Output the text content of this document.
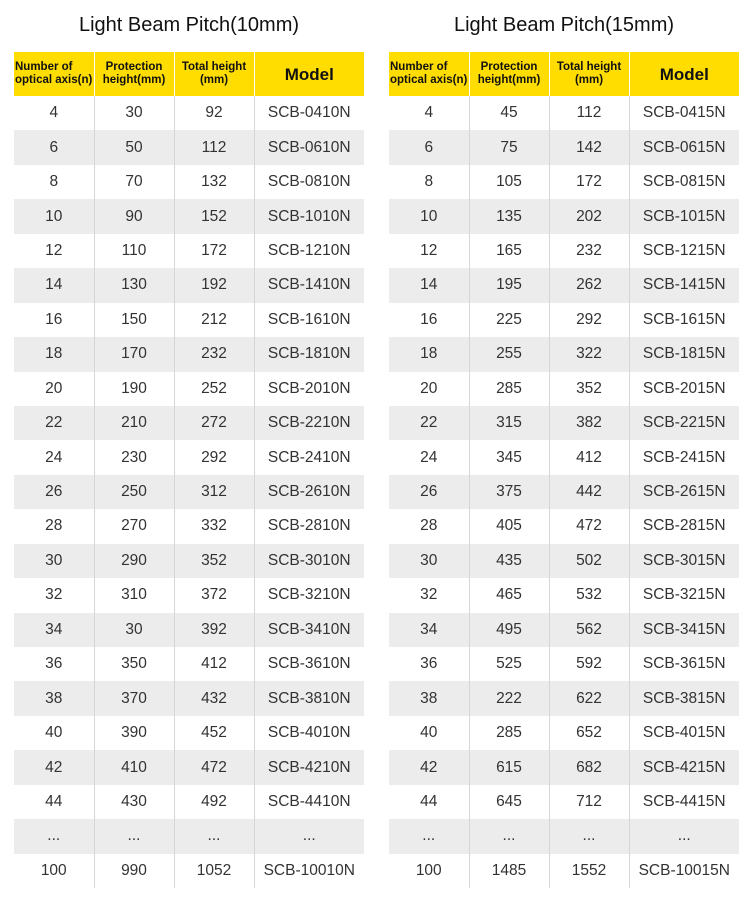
Light Beam Pitch(10mm)
Number of optical axis(n)	Protection height(mm)	Total height (mm)	Model
4	30	92	SCB-0410N
6	50	112	SCB-0610N
8	70	132	SCB-0810N
10	90	152	SCB-1010N
12	110	172	SCB-1210N
14	130	192	SCB-1410N
16	150	212	SCB-1610N
18	170	232	SCB-1810N
20	190	252	SCB-2010N
22	210	272	SCB-2210N
24	230	292	SCB-2410N
26	250	312	SCB-2610N
28	270	332	SCB-2810N
30	290	352	SCB-3010N
32	310	372	SCB-3210N
34	30	392	SCB-3410N
36	350	412	SCB-3610N
38	370	432	SCB-3810N
40	390	452	SCB-4010N
42	410	472	SCB-4210N
44	430	492	SCB-4410N
...	...	...	...
100	990	1052	SCB-10010N
Light Beam Pitch(15mm)
Number of optical axis(n)	Protection height(mm)	Total height (mm)	Model
4	45	112	SCB-0415N
6	75	142	SCB-0615N
8	105	172	SCB-0815N
10	135	202	SCB-1015N
12	165	232	SCB-1215N
14	195	262	SCB-1415N
16	225	292	SCB-1615N
18	255	322	SCB-1815N
20	285	352	SCB-2015N
22	315	382	SCB-2215N
24	345	412	SCB-2415N
26	375	442	SCB-2615N
28	405	472	SCB-2815N
30	435	502	SCB-3015N
32	465	532	SCB-3215N
34	495	562	SCB-3415N
36	525	592	SCB-3615N
38	222	622	SCB-3815N
40	285	652	SCB-4015N
42	615	682	SCB-4215N
44	645	712	SCB-4415N
...	...	...	...
100	1485	1552	SCB-10015N
